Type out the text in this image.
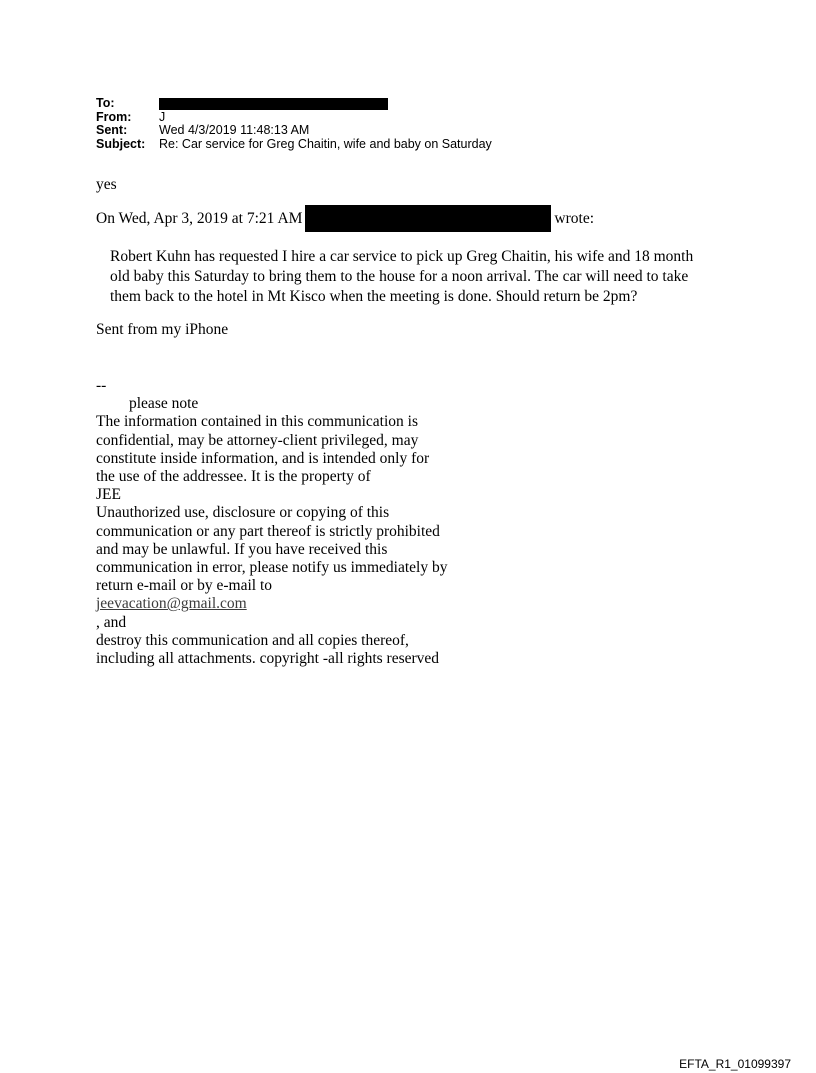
To:
From:	J
Sent:	Wed 4/3/2019 11:48:13 AM
Subject:	Re: Car service for Greg Chaitin, wife and baby on Saturday
yes
On Wed, Apr 3, 2019 at 7:21 AM	wrote:
Robert Kuhn has requested I hire a car service to pick up Greg Chaitin, his wife and 18 month
old baby this Saturday to bring them to the house for a noon arrival. The car will need to take
them back to the hotel in Mt Kisco when the meeting is done. Should return be 2pm?
Sent from my iPhone
--
please note
The information contained in this communication is
confidential, may be attorney-client privileged, may
constitute inside information, and is intended only for
the use of the addressee. It is the property of
JEE
Unauthorized use, disclosure or copying of this
communication or any part thereof is strictly prohibited
and may be unlawful. If you have received this
communication in error, please notify us immediately by
return e-mail or by e-mail to
jeevacation@gmail.com
, and
destroy this communication and all copies thereof,
including all attachments. copyright -all rights reserved
EFTA_R1_01099397
